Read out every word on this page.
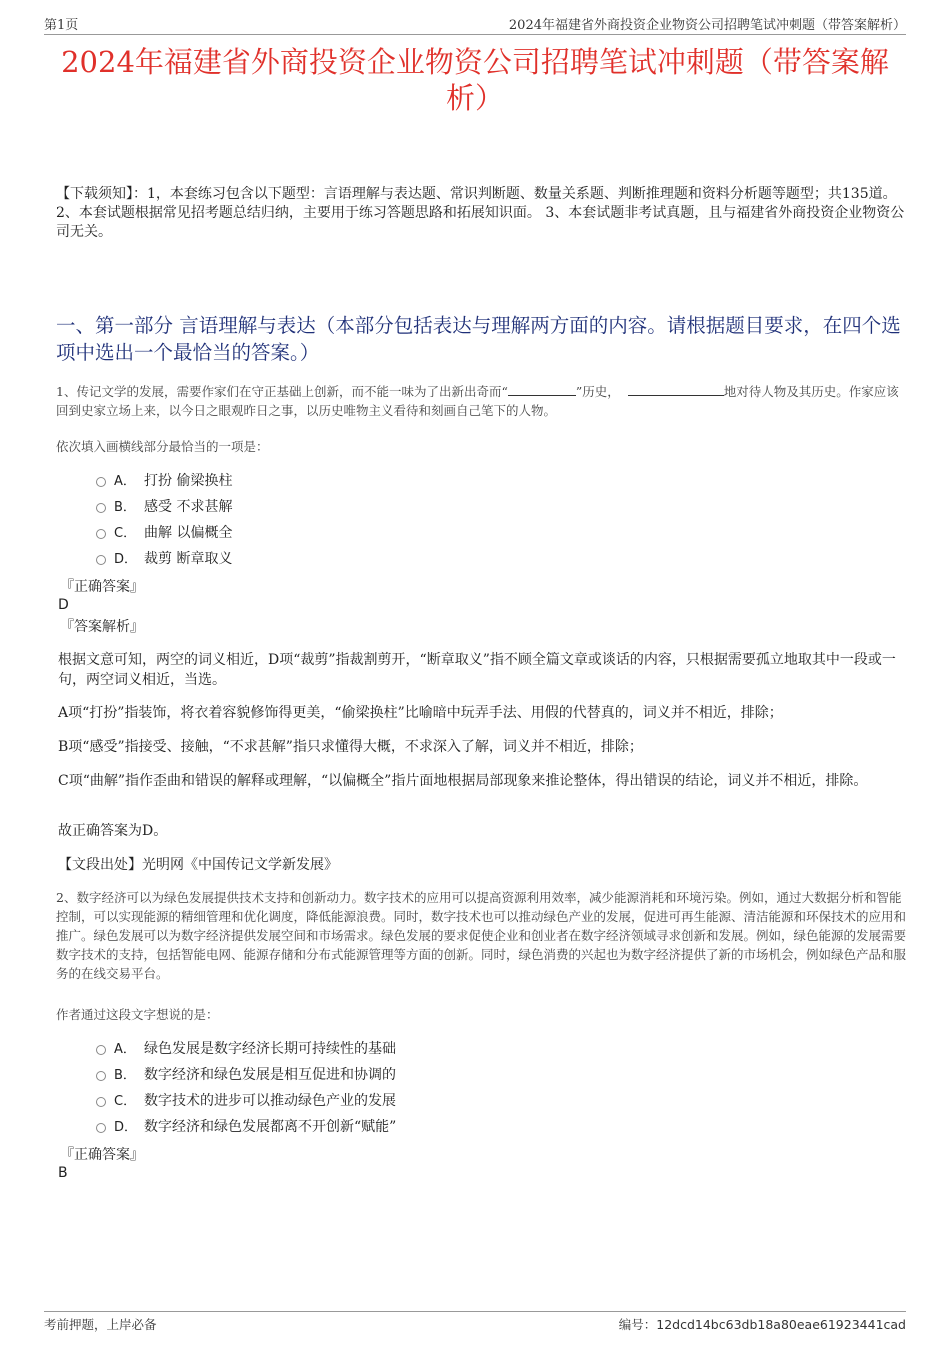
第1页	2024年福建省外商投资企业物资公司招聘笔试冲刺题（带答案解析）
2024年福建省外商投资企业物资公司招聘笔试冲刺题（带答案解析）

【下载须知】：1，本套练习包含以下题型：言语理解与表达题、常识判断题、数量关系题、判断推理题和资料分析题等题型；共135道。 2、本套试题根据常见招考题总结归纳，主要用于练习答题思路和拓展知识面。 3、本套试题非考试真题，且与福建省外商投资企业物资公司无关。

一、第一部分 言语理解与表达（本部分包括表达与理解两方面的内容。请根据题目要求，在四个选项中选出一个最恰当的答案。）

1、传记文学的发展，需要作家们在守正基础上创新，而不能一味为了出新出奇而“	”历史，	地对待人物及其历史。作家应该回到史家立场上来，以今日之眼观昨日之事，以历史唯物主义看待和刻画自己笔下的人物。

依次填入画横线部分最恰当的一项是：

A． 打扮 偷梁换柱
B． 感受 不求甚解
C． 曲解 以偏概全
D． 裁剪 断章取义
『正确答案』
D
『答案解析』

根据文意可知，两空的词义相近，D项“裁剪”指裁割剪开，“断章取义”指不顾全篇文章或谈话的内容，只根据需要孤立地取其中一段或一句，两空词义相近，当选。

A项“打扮”指装饰，将衣着容貌修饰得更美，“偷梁换柱”比喻暗中玩弄手法、用假的代替真的，词义并不相近，排除；

B项“感受”指接受、接触，“不求甚解”指只求懂得大概，不求深入了解，词义并不相近，排除；

C项“曲解”指作歪曲和错误的解释或理解，“以偏概全”指片面地根据局部现象来推论整体，得出错误的结论，词义并不相近，排除。

故正确答案为D。

【文段出处】光明网《中国传记文学新发展》

2、数字经济可以为绿色发展提供技术支持和创新动力。数字技术的应用可以提高资源利用效率，减少能源消耗和环境污染。例如，通过大数据分析和智能控制，可以实现能源的精细管理和优化调度，降低能源浪费。同时，数字技术也可以推动绿色产业的发展，促进可再生能源、清洁能源和环保技术的应用和推广。绿色发展可以为数字经济提供发展空间和市场需求。绿色发展的要求促使企业和创业者在数字经济领域寻求创新和发展。例如，绿色能源的发展需要数字技术的支持，包括智能电网、能源存储和分布式能源管理等方面的创新。同时，绿色消费的兴起也为数字经济提供了新的市场机会，例如绿色产品和服务的在线交易平台。

作者通过这段文字想说的是：

A． 绿色发展是数字经济长期可持续性的基础
B． 数字经济和绿色发展是相互促进和协调的
C． 数字技术的进步可以推动绿色产业的发展
D． 数字经济和绿色发展都离不开创新“赋能”
『正确答案』
B
考前押题，上岸必备	编号：12dcd14bc63db18a80eae61923441cad
